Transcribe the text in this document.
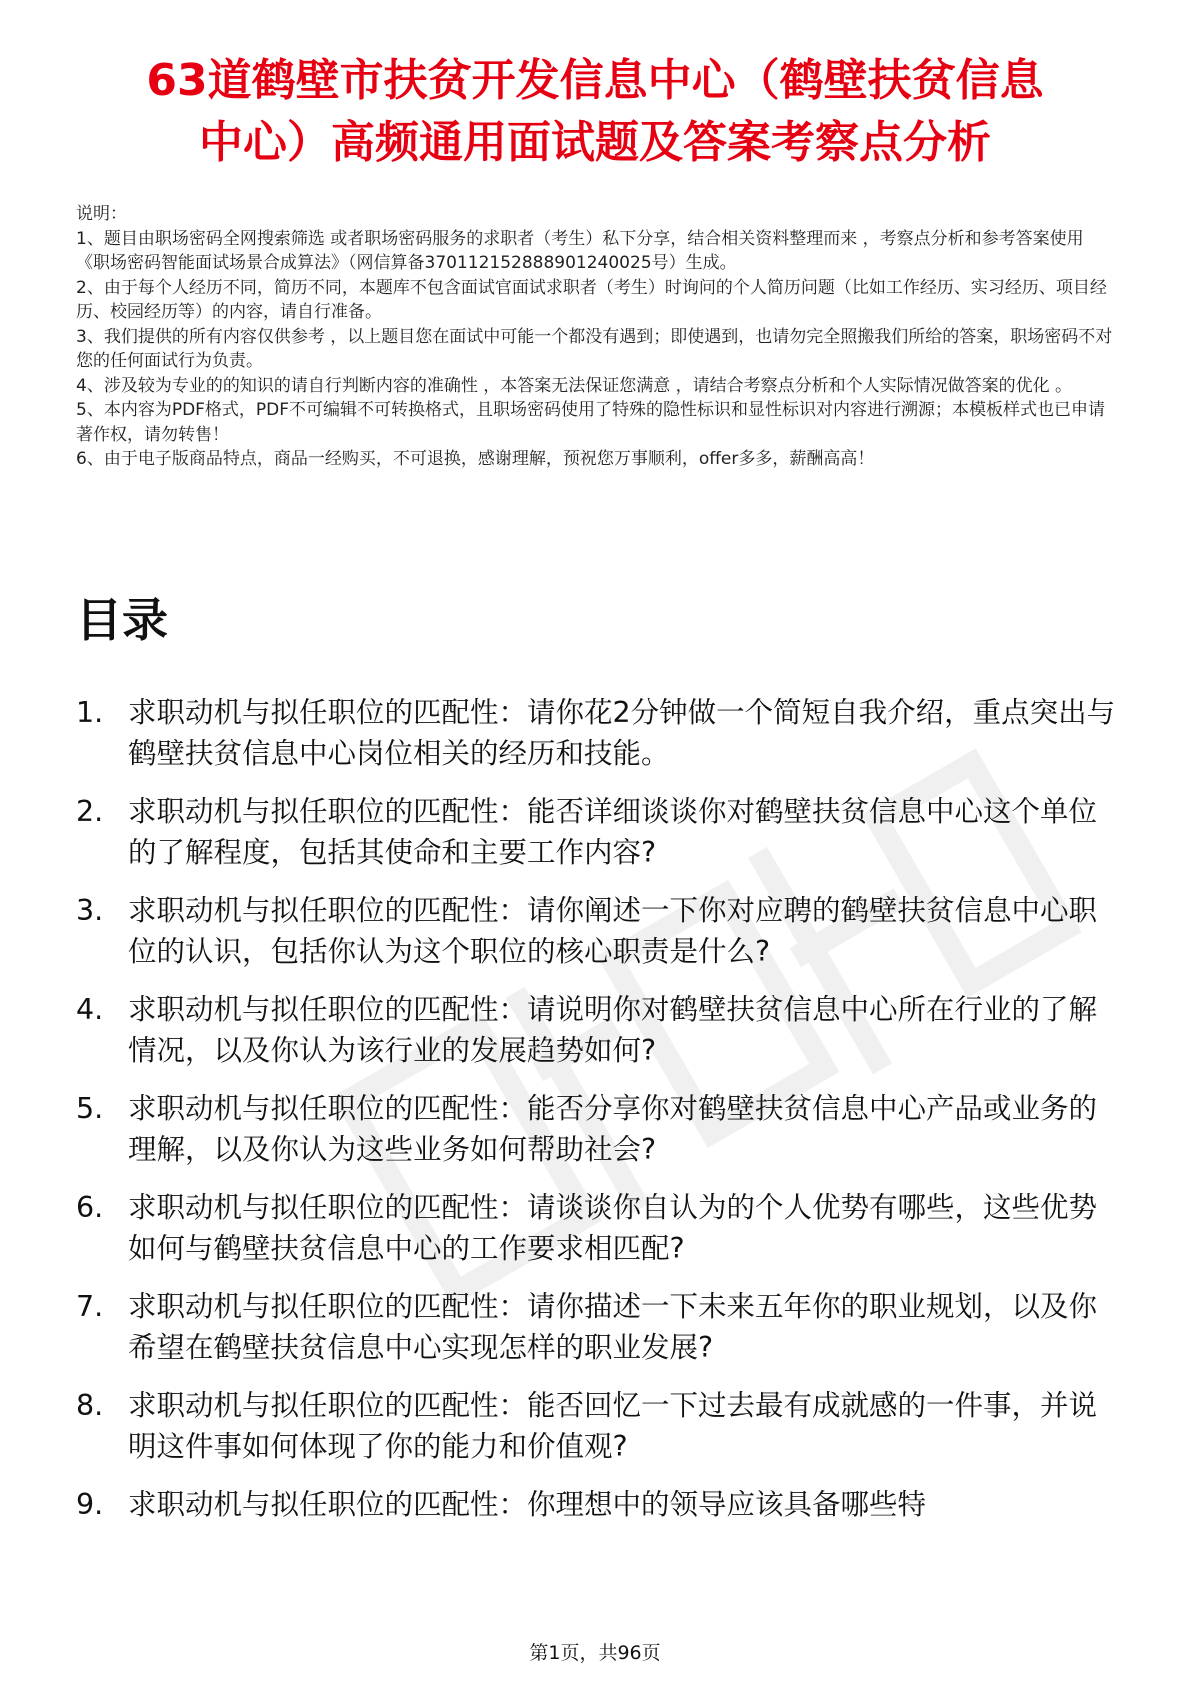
63道鹤壁市扶贫开发信息中心（鹤壁扶贫信息
中心）高频通用面试题及答案考察点分析
说明：
1、题目由职场密码全网搜索筛选 或者职场密码服务的求职者（考生）私下分享，结合相关资料整理而来 ，考察点分析和参考答案使用《职场密码智能面试场景合成算法》（网信算备370112152888901240025号）生成。
2、由于每个人经历不同，简历不同，本题库不包含面试官面试求职者（考生）时询问的个人简历问题（比如工作经历、实习经历、项目经历、校园经历等）的内容，请自行准备。
3、我们提供的所有内容仅供参考 ，以上题目您在面试中可能一个都没有遇到；即使遇到，也请勿完全照搬我们所给的答案，职场密码不对您的任何面试行为负责。
4、涉及较为专业的的知识的请自行判断内容的准确性 ，本答案无法保证您满意 ，请结合考察点分析和个人实际情况做答案的优化 。
5、本内容为PDF格式，PDF不可编辑不可转换格式，且职场密码使用了特殊的隐性标识和显性标识对内容进行溯源；本模板样式也已申请著作权，请勿转售！
6、由于电子版商品特点，商品一经购买，不可退换，感谢理解，预祝您万事顺利，offer多多，薪酬高高！
目录
1. 求职动机与拟任职位的匹配性：请你花2分钟做一个简短自我介绍，重点突出与鹤壁扶贫信息中心岗位相关的经历和技能。
2. 求职动机与拟任职位的匹配性：能否详细谈谈你对鹤壁扶贫信息中心这个单位的了解程度，包括其使命和主要工作内容?
3. 求职动机与拟任职位的匹配性：请你阐述一下你对应聘的鹤壁扶贫信息中心职位的认识，包括你认为这个职位的核心职责是什么?
4. 求职动机与拟任职位的匹配性：请说明你对鹤壁扶贫信息中心所在行业的了解情况，以及你认为该行业的发展趋势如何?
5. 求职动机与拟任职位的匹配性：能否分享你对鹤壁扶贫信息中心产品或业务的理解，以及你认为这些业务如何帮助社会?
6. 求职动机与拟任职位的匹配性：请谈谈你自认为的个人优势有哪些，这些优势如何与鹤壁扶贫信息中心的工作要求相匹配?
7. 求职动机与拟任职位的匹配性：请你描述一下未来五年你的职业规划，以及你希望在鹤壁扶贫信息中心实现怎样的职业发展?
8. 求职动机与拟任职位的匹配性：能否回忆一下过去最有成就感的一件事，并说明这件事如何体现了你的能力和价值观?
9. 求职动机与拟任职位的匹配性：你理想中的领导应该具备哪些特
第1页，共96页
